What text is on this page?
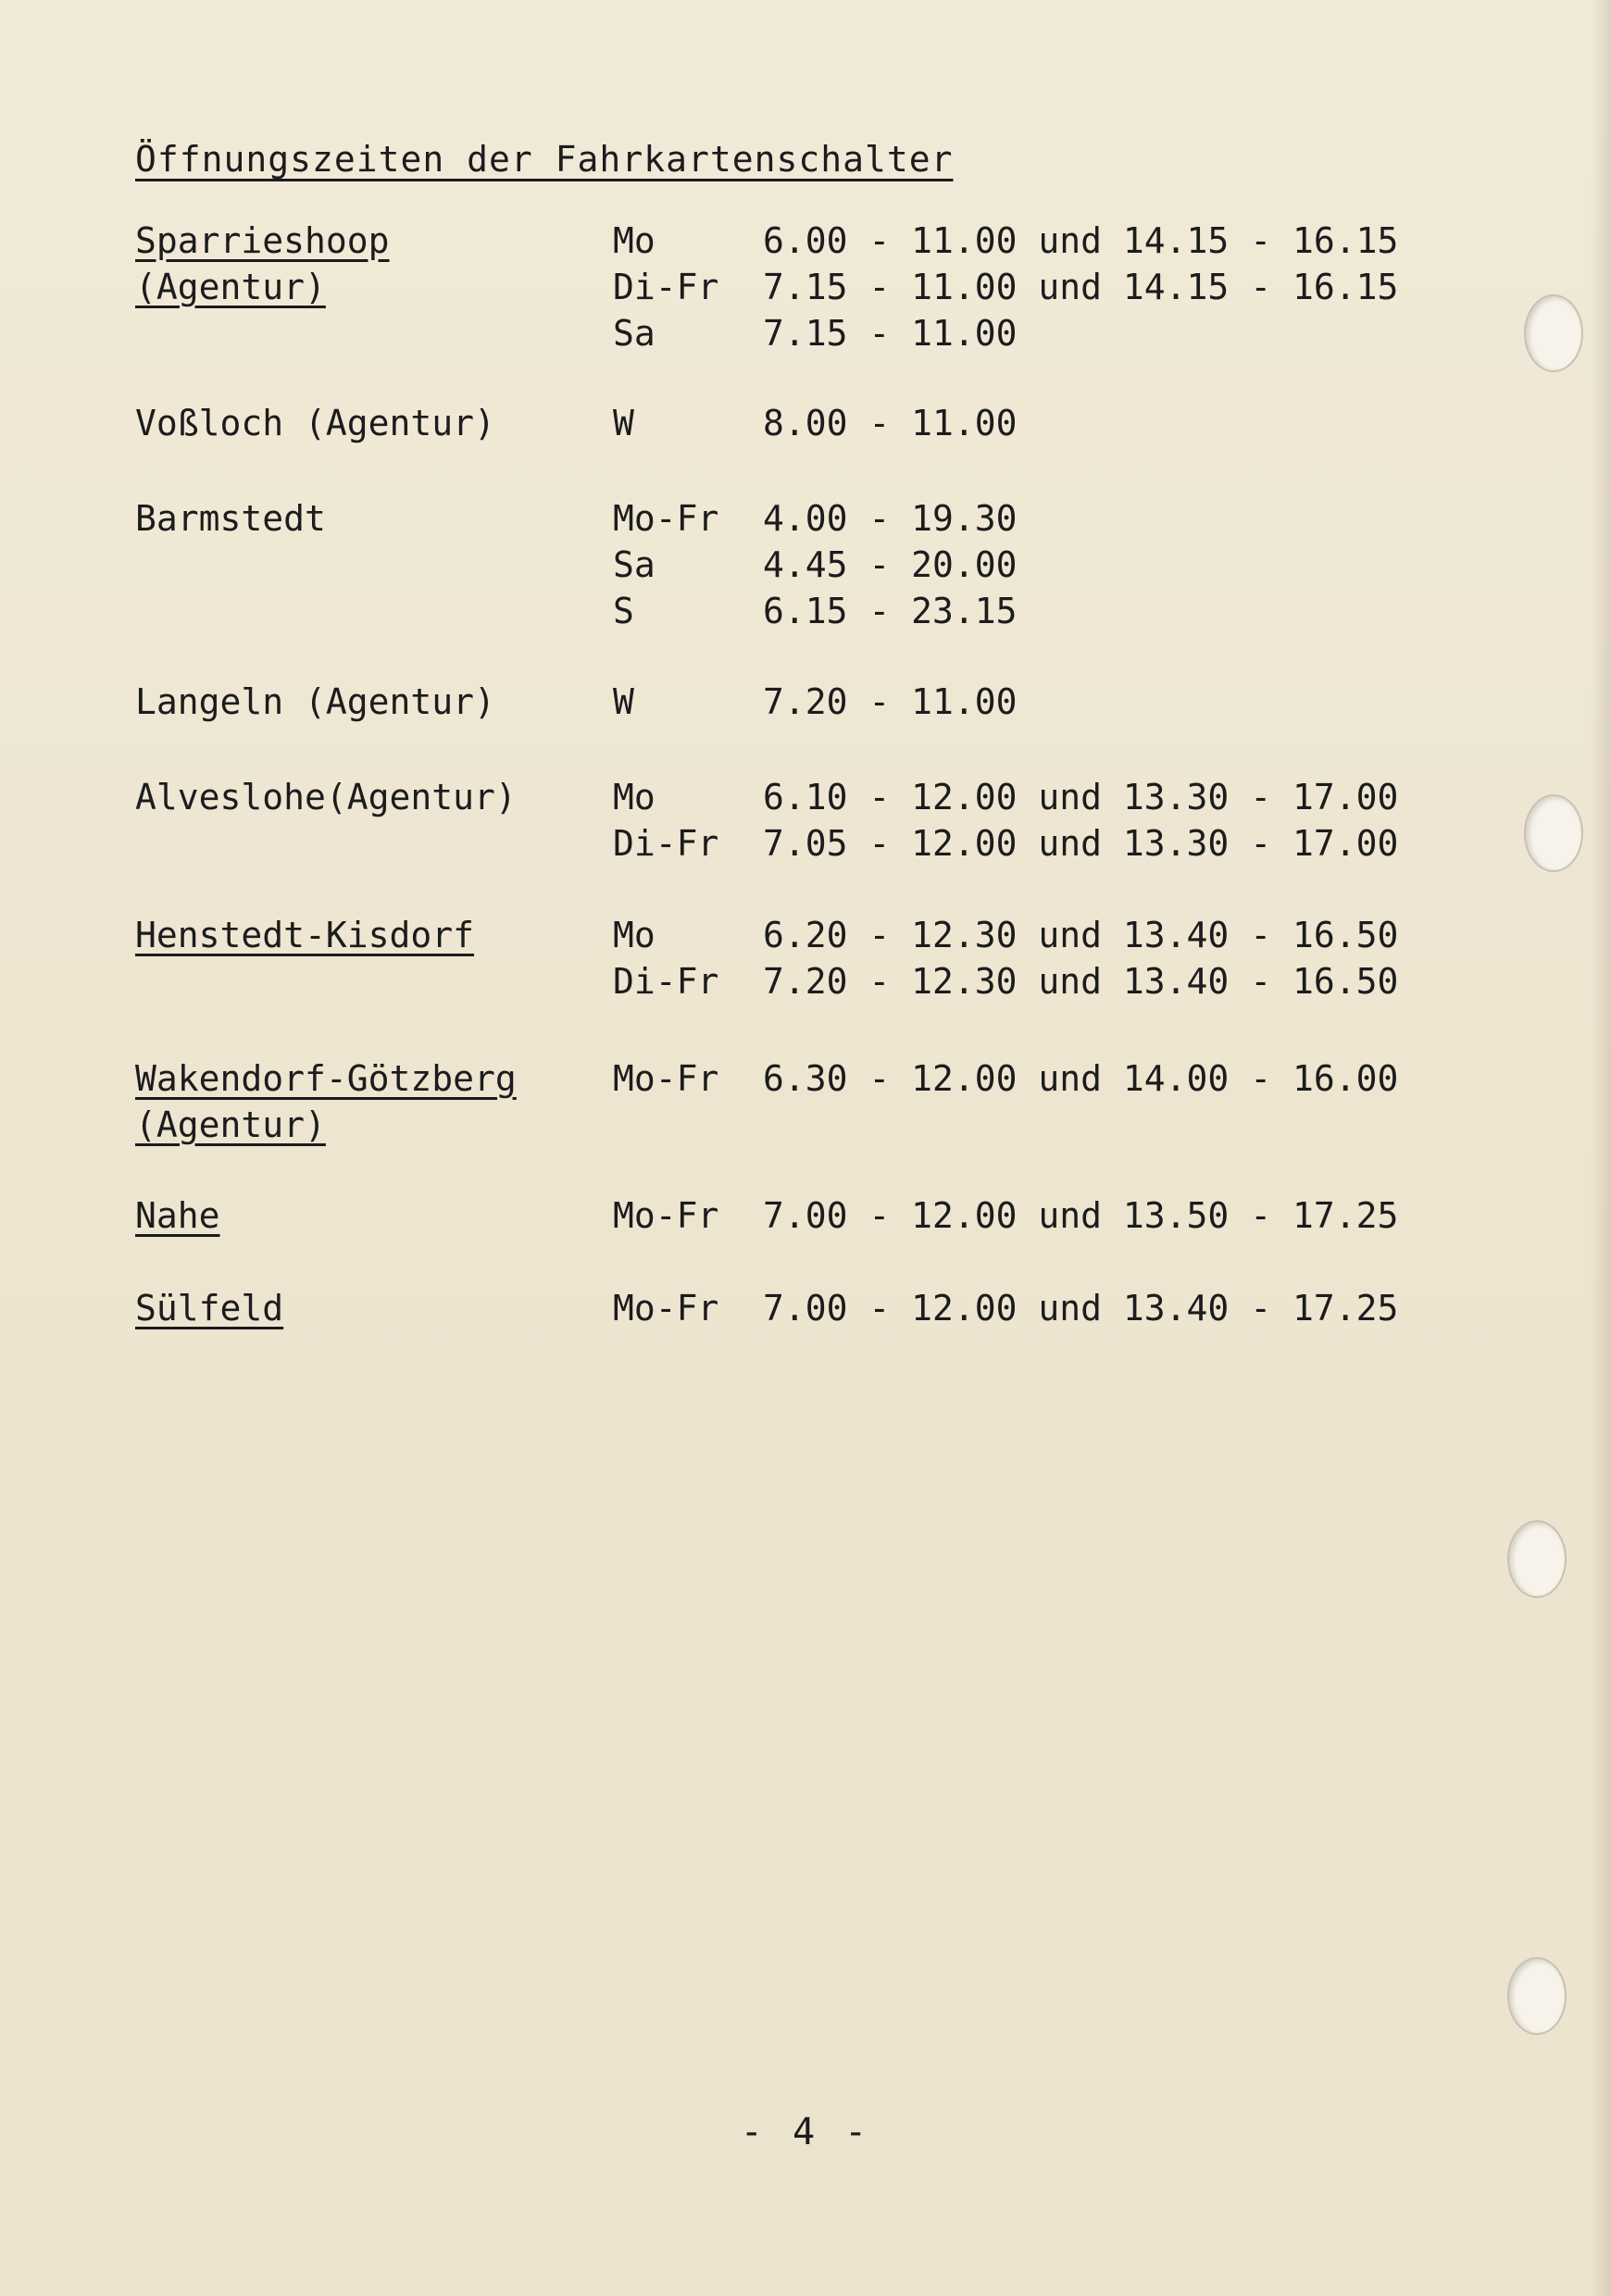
Öffnungszeiten der Fahrkartenschalter
Sparrieshoop
(Agentur)
Mo	6.00 - 11.00 und 14.15 - 16.15
Di-Fr 7.15 - 11.00 und 14.15 - 16.15
Sa	7.15 - 11.00
Voßloch (Agentur)	W	8.00 - 11.00
Barmstedt	Mo-Fr 4.00 - 19.30
Sa	4.45 - 20.00
S	6.15 - 23.15
Langeln (Agentur)	W	7.20 - 11.00
Alveslohe(Agentur)	Mo	6.10 - 12.00 und 13.30 - 17.00
Di-Fr 7.05 - 12.00 und 13.30 - 17.00
Henstedt-Kisdorf	Mo	6.20 - 12.30 und 13.40 - 16.50
Di-Fr 7.20 - 12.30 und 13.40 - 16.50
Wakendorf-Götzberg
(Agentur)
Mo-Fr 6.30 - 12.00 und 14.00 - 16.00
Nahe	Mo-Fr 7.00 - 12.00 und 13.50 - 17.25
Sülfeld	Mo-Fr 7.00 - 12.00 und 13.40 - 17.25
- 4 -
